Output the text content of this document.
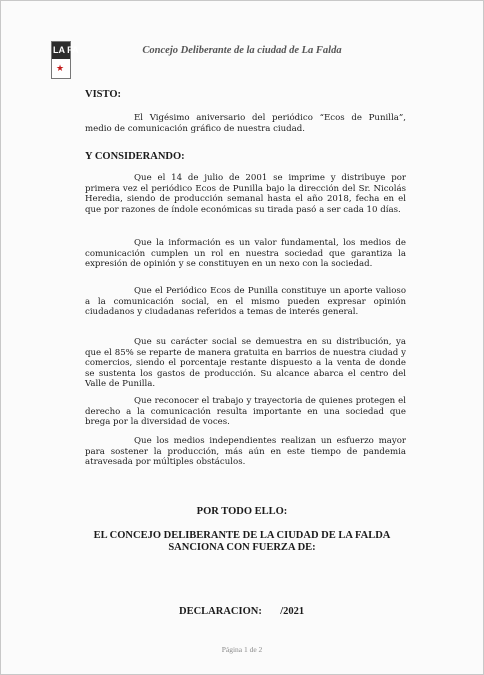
LA FA
★
Concejo Deliberante de la ciudad de La Falda
VISTO:

El Vigésimo aniversario del periódico “Ecos de Punilla”, medio de comunicación gráfico de nuestra ciudad.

Y CONSIDERANDO:

Que el 14 de julio de 2001 se imprime y distribuye por primera vez el periódico Ecos de Punilla bajo la dirección del Sr. Nicolás Heredia, siendo de producción semanal hasta el año 2018, fecha en el que por razones de índole económicas su tirada pasó a ser cada 10 días.

Que la información es un valor fundamental, los medios de comunicación cumplen un rol en nuestra sociedad que garantiza la expresión de opinión y se constituyen en un nexo con la sociedad.

Que el Periódico Ecos de Punilla constituye un aporte valioso a la comunicación social, en el mismo pueden expresar opinión ciudadanos y ciudadanas referidos a temas de interés general.

Que su carácter social se demuestra en su distribución, ya que el 85% se reparte de manera gratuita en barrios de nuestra ciudad y comercios, siendo el porcentaje restante dispuesto a la venta de donde se sustenta los gastos de producción. Su alcance abarca el centro del Valle de Punilla.

Que reconocer el trabajo y trayectoria de quienes protegen el derecho a la comunicación resulta importante en una sociedad que brega por la diversidad de voces.

Que los medios independientes realizan un esfuerzo mayor para sostener la producción, más aún en este tiempo de pandemia atravesada por múltiples obstáculos.

POR TODO ELLO:
EL CONCEJO DELIBERANTE DE LA CIUDAD DE LA FALDA
SANCIONA CON FUERZA DE:
DECLARACION:       /2021
Página 1 de 2
